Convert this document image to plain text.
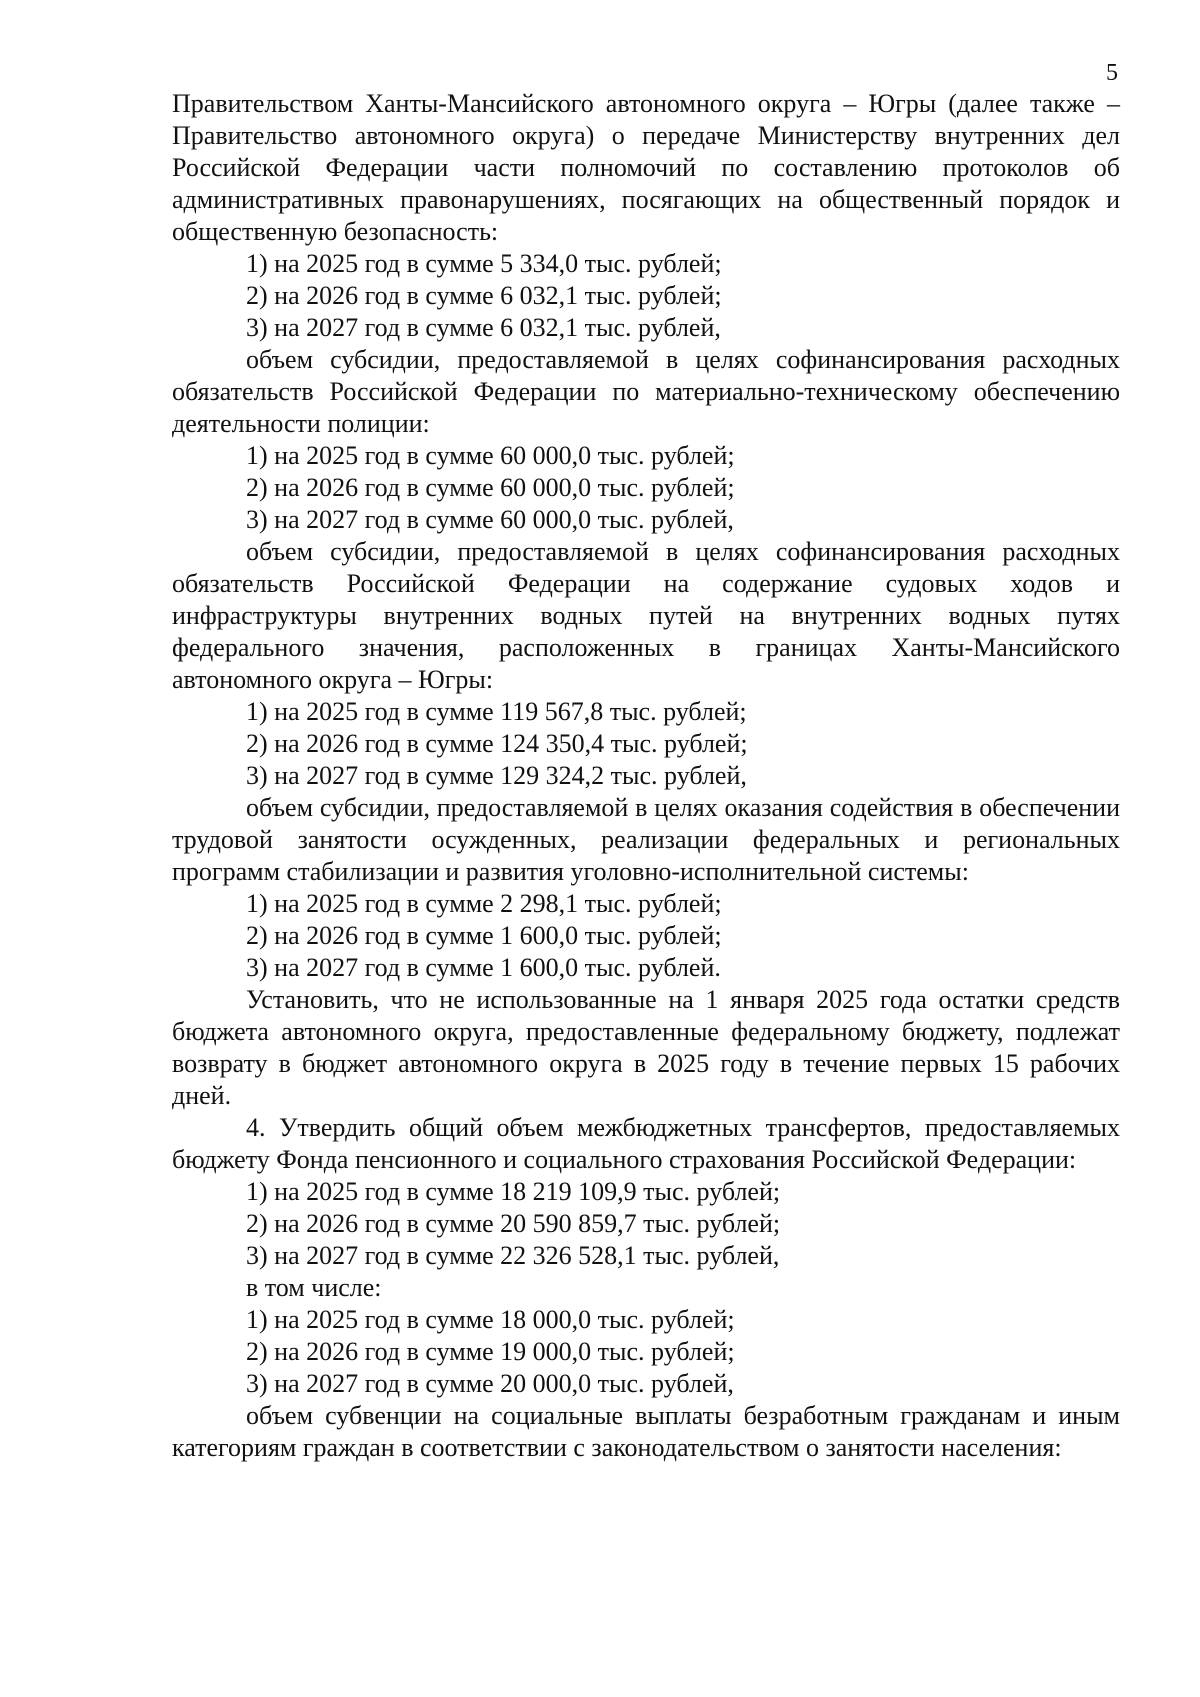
5

Правительством Ханты-Мансийского автономного округа – Югры (далее также – Правительство автономного округа) о передаче Министерству внутренних дел Российской Федерации части полномочий по составлению протоколов об административных правонарушениях, посягающих на общественный порядок и общественную безопасность:

1) на 2025 год в сумме 5 334,0 тыс. рублей;

2) на 2026 год в сумме 6 032,1 тыс. рублей;

3) на 2027 год в сумме 6 032,1 тыс. рублей,

объем субсидии, предоставляемой в целях софинансирования расходных обязательств Российской Федерации по материально-техническому обеспечению деятельности полиции:

1) на 2025 год в сумме 60 000,0 тыс. рублей;

2) на 2026 год в сумме 60 000,0 тыс. рублей;

3) на 2027 год в сумме 60 000,0 тыс. рублей,

объем субсидии, предоставляемой в целях софинансирования расходных обязательств Российской Федерации на содержание судовых ходов и инфраструктуры внутренних водных путей на внутренних водных путях федерального значения, расположенных в границах Ханты-Мансийского автономного округа – Югры:

1) на 2025 год в сумме 119 567,8 тыс. рублей;

2) на 2026 год в сумме 124 350,4 тыс. рублей;

3) на 2027 год в сумме 129 324,2 тыс. рублей,

объем субсидии, предоставляемой в целях оказания содействия в обеспечении трудовой занятости осужденных, реализации федеральных и региональных программ стабилизации и развития уголовно-исполнительной системы:

1) на 2025 год в сумме 2 298,1 тыс. рублей;

2) на 2026 год в сумме 1 600,0 тыс. рублей;

3) на 2027 год в сумме 1 600,0 тыс. рублей.

Установить, что не использованные на 1 января 2025 года остатки средств бюджета автономного округа, предоставленные федеральному бюджету, подлежат возврату в бюджет автономного округа в 2025 году в течение первых 15 рабочих дней.

4. Утвердить общий объем межбюджетных трансфертов, предоставляемых бюджету Фонда пенсионного и социального страхования Российской Федерации:

1) на 2025 год в сумме 18 219 109,9 тыс. рублей;

2) на 2026 год в сумме 20 590 859,7 тыс. рублей;

3) на 2027 год в сумме 22 326 528,1 тыс. рублей,

в том числе:

1) на 2025 год в сумме 18 000,0 тыс. рублей;

2) на 2026 год в сумме 19 000,0 тыс. рублей;

3) на 2027 год в сумме 20 000,0 тыс. рублей,

объем субвенции на социальные выплаты безработным гражданам и иным категориям граждан в соответствии с законодательством о занятости населения:
